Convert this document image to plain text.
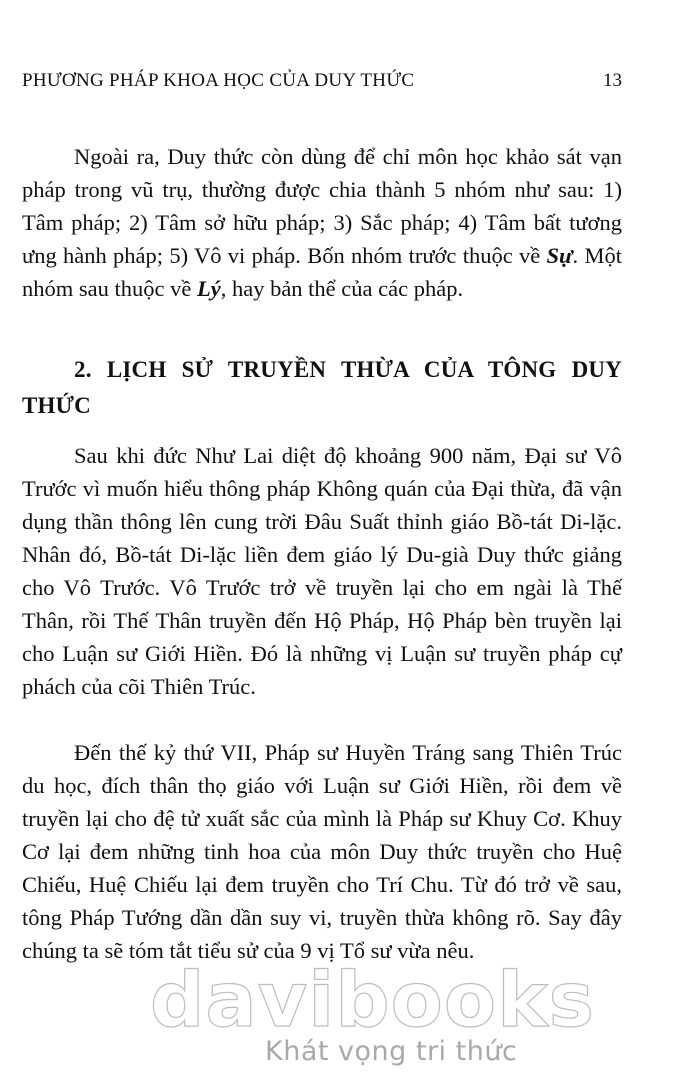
PHƯƠNG PHÁP KHOA HỌC CỦA DUY THỨC	13

Ngoài ra, Duy thức còn dùng để chỉ môn học khảo sát vạn pháp trong vũ trụ, thường được chia thành 5 nhóm như sau: 1) Tâm pháp; 2) Tâm sở hữu pháp; 3) Sắc pháp; 4) Tâm bất tương ưng hành pháp; 5) Vô vi pháp. Bốn nhóm trước thuộc về Sự. Một nhóm sau thuộc về Lý, hay bản thể của các pháp.

2. LỊCH SỬ TRUYỀN THỪA CỦA TÔNG DUY THỨC

Sau khi đức Như Lai diệt độ khoảng 900 năm, Đại sư Vô Trước vì muốn hiểu thông pháp Không quán của Đại thừa, đã vận dụng thần thông lên cung trời Đâu Suất thỉnh giáo Bồ-tát Di-lặc. Nhân đó, Bồ-tát Di-lặc liền đem giáo lý Du-già Duy thức giảng cho Vô Trước. Vô Trước trở về truyền lại cho em ngài là Thế Thân, rồi Thế Thân truyền đến Hộ Pháp, Hộ Pháp bèn truyền lại cho Luận sư Giới Hiền. Đó là những vị Luận sư truyền pháp cự phách của cõi Thiên Trúc.

Đến thế kỷ thứ VII, Pháp sư Huyền Tráng sang Thiên Trúc du học, đích thân thọ giáo với Luận sư Giới Hiền, rồi đem về truyền lại cho đệ tử xuất sắc của mình là Pháp sư Khuy Cơ. Khuy Cơ lại đem những tinh hoa của môn Duy thức truyền cho Huệ Chiếu, Huệ Chiếu lại đem truyền cho Trí Chu. Từ đó trở về sau, tông Pháp Tướng dần dần suy vi, truyền thừa không rõ. Say đây chúng ta sẽ tóm tắt tiểu sử của 9 vị Tổ sư vừa nêu.

davibooks
Khát vọng tri thức
